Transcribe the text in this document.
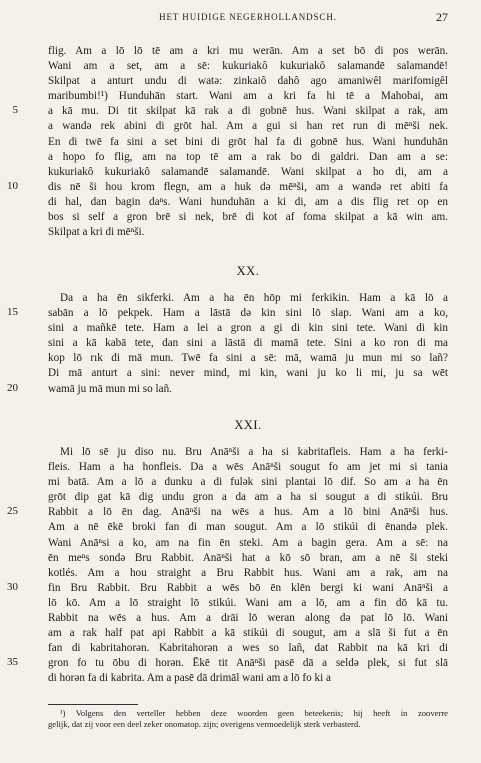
HET HUIDIGE NEGERHOLLANDSCH.	27
flig. Am a lō lō tē am a kri mu werān. Am a set bō di pos werān.
Wani am a set, am a sē: kukuriakô kukuriakô salamandē salamandē!
Skilpat a anturt undu di watə: zinkaiô dahô ago amaniwêl marifomigêl
maribumbi!¹) Hunduhān start. Wani am a kri fa hi tē a Mahobai, am
a kā mu. Di tit skilpat kā rak a di gobnē hus. Wani skilpat a rak, am
5
a wandə rek abini di grōt hal. Am a gui si han ret run di mēⁿši nek.
En di twē fa sini a set bini di grōt hal fa di gobnē hus. Wani hunduhān
a hopo fo flig, am na top tē am a rak bo di galdri. Dan am a se:
kukuriakô kukuriakô salamandē salamandē. Wani skilpat a ho di, am a
dis nē ši hou krom flegn, am a huk də mēⁿši, am a wandə ret abiti fa
10
di hal, dan bagin daⁿs. Wani hunduhān a ki di, am a dis flig ret op en
bos si self a gron brē si nek, brē di kot af foma skilpat a kā win am.
Skilpat a kri di mēⁿši.
XX.
Da a ha ēn sikferki. Am a ha ēn hōp mi ferkikin. Ham a kā lō a
sabān a lō pekpek. Ham a lāstā də kin sini lō slap. Wani am a ko,
15
sini a mañkē tete. Ham a lei a gron a gi di kin sini tete. Wani di kin
sini a kā kabā tete, dan sini a lāstā di mamā tete. Sini a ko ron di ma
kop lō rık di mā mun. Twē fa sini a sē: mā, wamā ju mun mi so lañ?
Di mā anturt a sini: never mind, mi kin, wani ju ko li mi, ju sa wēt
wamā ju mā mun mi so lañ.
20
XXI.
Mi lō sē ju diso nu. Bru Anāⁿši a ha si kabritafleis. Ham a ha ferki-
fleis. Ham a ha honfleis. Da a wēs Anāⁿši sougut fo am jet mi si tania
mi batā. Am a lō a dunku a di fulək sini plantai lō dif. So am a ha ēn
grōt dip gat kā dig undu gron a da am a ha si sougut a di stikúi. Bru
Rabbit a lō ēn dag. Anāⁿši na wēs a hus. Am a lō bini Anāⁿši hus.
25
Am a nē ēkē broki fan di man sougut. Am a lō stikúi di ēnandə plek.
Wani Anāⁿsi a ko, am na fin ēn steki. Am a bagin gera. Am a sē: na
ēn meⁿs sondə Bru Rabbit. Anāⁿši hat a kō sō bran, am a nē ši steki
kotlés. Am a hou straight a Bru Rabbit hus. Wani am a rak, am na
fin Bru Rabbit. Bru Rabbit a wēs bō ēn klēn bergi ki wani Anāⁿši a
30
lō kō. Am a lō straight lō stikúi. Wani am a lō, am a fin dō kā tu.
Rabbit na wēs a hus. Am a drāi lō weran along də pat lō lō. Wani
am a rak half pat api Rabbit a kā stikúi di sougut, am a slā ši fut a ēn
fan di kabritahorən. Kabritahorən a wes so lañ, dat Rabbit na kā kri di
gron fo tu ōbu di horən. Ēkē tit Anāⁿši pasē dā a seldə plek, si fut slā
35
di horən fa di kabrita. Am a pasē dā drimāl wani am a lō fo ki a
¹) Volgens den verteller hebben deze woorden geen beteekenis; hij heeft in zooverre
gelijk, dat zij voor een deel zeker onomatop. zijn; overigens vermoedelijk sterk verbasterd.
